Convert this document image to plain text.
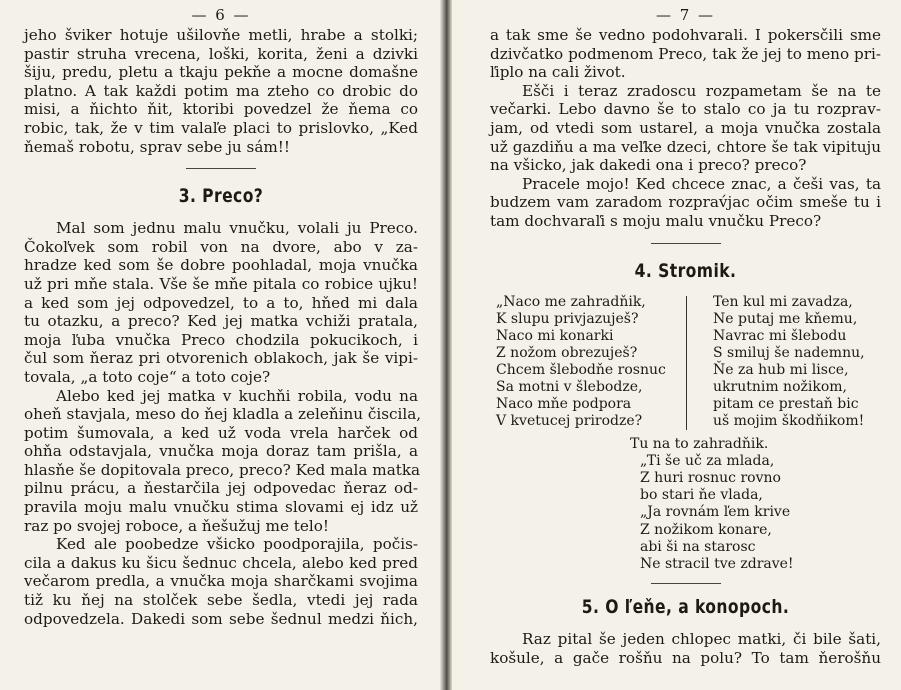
— 6 —
jeho šviker hotuje ušilovňe metli, hrabe a stolki;
pastir struha vrecena, loški, korita, ženi a dzivki
šiju, predu, pletu a tkaju pekňe a mocne domašne
platno. A tak každi potim ma zteho co drobic do
misi, a ňichto ňit, ktoribi povedzel že ňema co
robic, tak, že v tim valaľe placi to prislovko, „Ked
ňemaš robotu, sprav sebe ju sám!!
3. Preco?
Mal som jednu malu vnučku, volali ju Preco.
Čokoľvek som robil von na dvore, abo v za-
hradze ked som še dobre poohladal, moja vnučka
už pri mňe stala. Vše še mňe pitala co robice ujku!
a ked som jej odpovedzel, to a to, hňed mi dala
tu otazku, a preco? Ked jej matka vchiži pratala,
moja ľuba vnučka Preco chodzila pokucikoch, i
čul som ňeraz pri otvorenich oblakoch, jak še vipi-
tovala, „a toto coje“ a toto coje?
Alebo ked jej matka v kuchňi robila, vodu na
oheň stavjala, meso do ňej kladla a zeleňinu čiscila,
potim šumovala, a ked už voda vrela harček od
ohňa odstavjala, vnučka moja doraz tam prišla, a
hlasňe še dopitovala preco, preco? Ked mala matka
pilnu prácu, a ňestarčila jej odpovedac ňeraz od-
pravila moju malu vnučku stima slovami ej idz už
raz po svojej roboce, a ňešužuj me telo!
Ked ale poobedze všicko poodporajila, počis-
cila a dakus ku šicu šednuc chcela, alebo ked pred
večarom predla, a vnučka moja sharčkami svojima
tiž ku ňej na stolček sebe šedla, vtedi jej rada
odpovedzela. Dakedi som sebe šednul medzi ňich,
— 7 —
a tak sme še vedno podohvarali. I pokersčili sme
dzivčatko podmenom Preco, tak že jej to meno pri-
ľiplo na cali život.
Ešči i teraz zradoscu rozpametam še na te
večarki. Lebo davno še to stalo co ja tu rozprav-
jam, od vtedi som ustarel, a moja vnučka zostala
už gazdiňu a ma veľke dzeci, chtore še tak vipituju
na všicko, jak dakedi ona i preco? preco?
Pracele mojo! Ked chcece znac, a češi vas, ta
budzem vam zaradom rozprav́jac očim smeše tu i
tam dochvaraľi s moju malu vnučku Preco?
4. Stromik.
„Naco me zahradňik,
K slupu privjazuješ?
Naco mi konarki
Z nožom obrezuješ?
Chcem šlebodňe rosnuc
Sa motni v šlebodze,
Naco mňe podpora
V kvetucej prirodze?
Ten kul mi zavadza,
Ne putaj me kňemu,
Navrac mi šlebodu
S smiluj še nademnu,
Ňe za hub mi lisce,
ukrutnim nožikom,
pitam ce prestaň bic
uš mojim škodňikom!
Tu na to zahradňik.
„Ti še uč za mlada,
Z huri rosnuc rovno
bo stari ňe vlada,
„Ja rovnám ľem krive
Z nožikom konare,
abi ši na starosc
Ne stracil tve zdrave!
5. O ľeňe, a konopoch.
Raz pital še jeden chlopec matki, či bile šati,
košule, a gače rošňu na polu? To tam ňerošňu
